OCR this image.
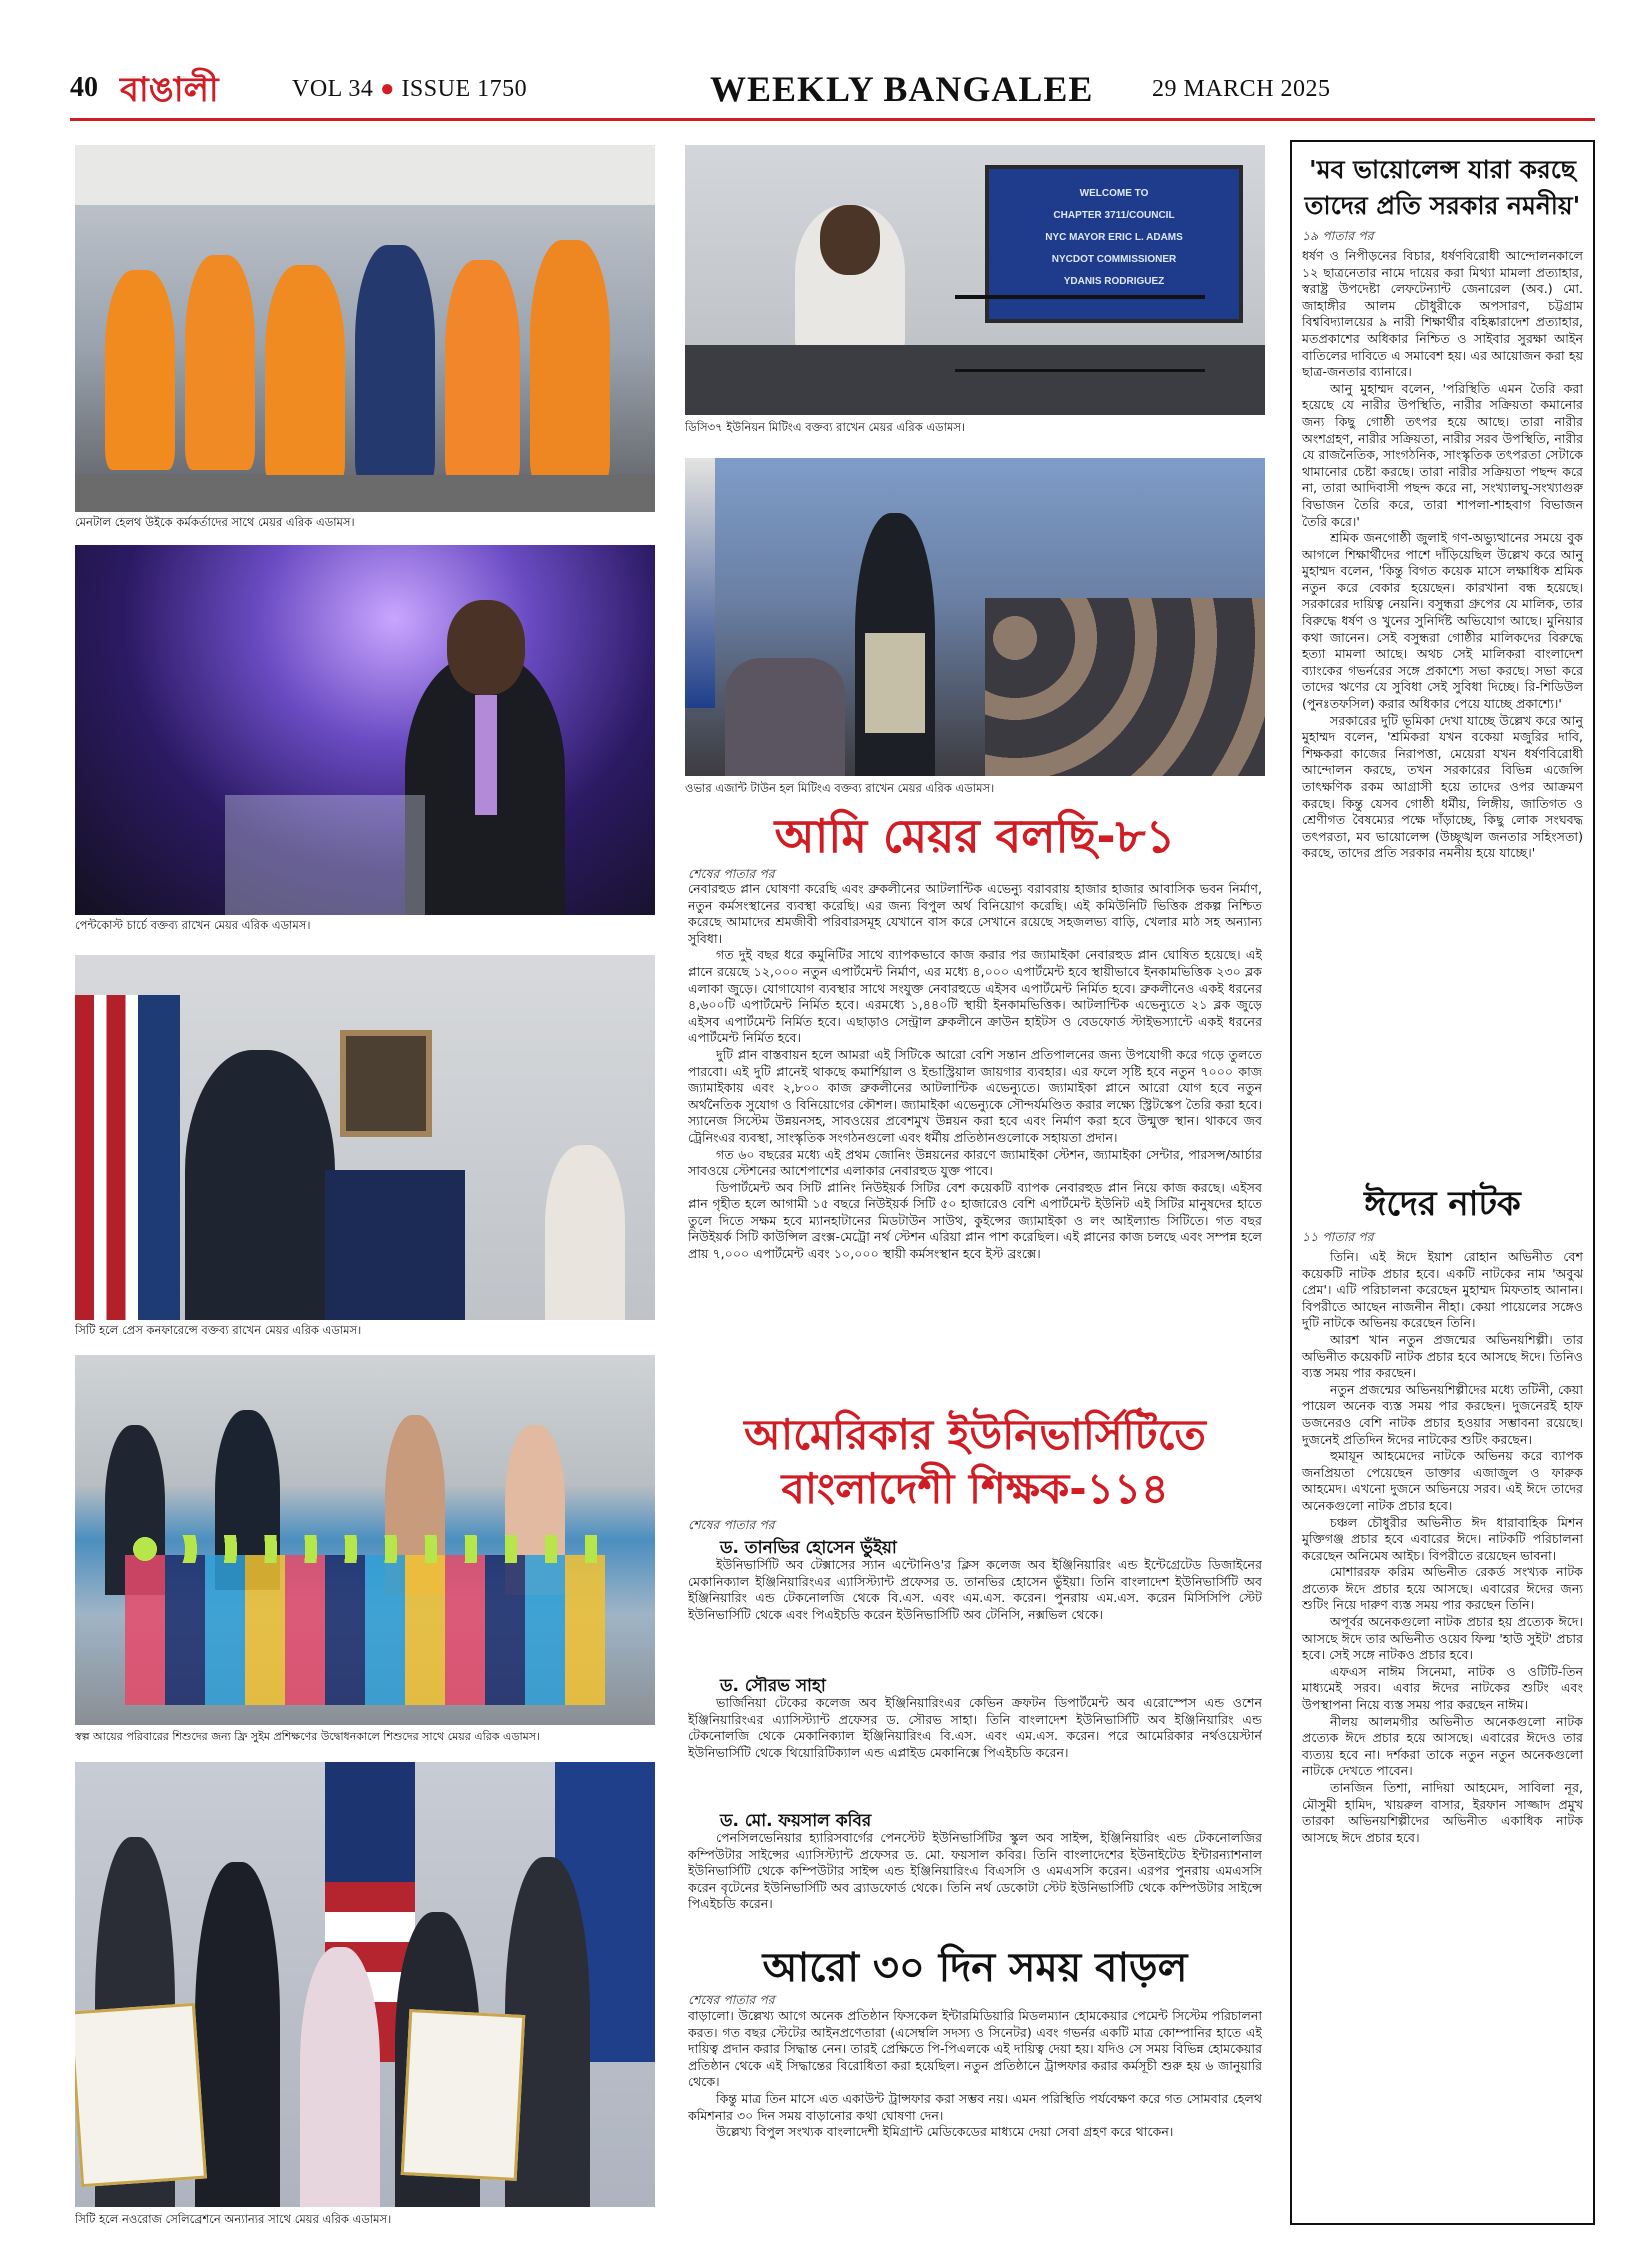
40 বাঙালী	VOL 34 ● ISSUE 1750	WEEKLY BANGALEE 29 MARCH 2025
মেনটাল হেলথ উইকে কর্মকর্তাদের সাথে মেয়র এরিক এডামস।
পেন্টকোস্ট চার্চে বক্তব্য রাখেন মেয়র এরিক এডামস।
সিটি হলে প্রেস কনফারেন্সে বক্তব্য রাখেন মেয়র এরিক এডামস।
স্বল্প আয়ের পরিবারের শিশুদের জন্য ফ্রি সুইম প্রশিক্ষণের উদ্বোধনকালে শিশুদের সাথে মেয়র এরিক এডামস।
সিটি হলে নওরোজ সেলিব্রেশনে অন্যান্যর সাথে মেয়র এরিক এডামস।
WELCOME TO
CHAPTER 3711/COUNCIL
NYC MAYOR ERIC L. ADAMS
NYCDOT COMMISSIONER
YDANIS RODRIGUEZ
ডিসি৩৭ ইউনিয়ন মিটিংএ বক্তব্য রাখেন মেয়র এরিক এডামস।
ওভার এজান্ট টাউন হল মিটিংএ বক্তব্য রাখেন মেয়র এরিক এডামস।
আমি মেয়র বলছি-৮১
শেষের পাতার পর

নেবারহুড প্লান ঘোষণা করেছি এবং ব্রুকলীনের আটলান্টিক এভেন্যু বরাবরায় হাজার হাজার আবাসিক ভবন নির্মাণ, নতুন কর্মসংস্থানের ব্যবস্থা করেছি। এর জন্য বিপুল অর্থ বিনিয়োগ করেছি। এই কমিউনিটি ভিত্তিক প্রকল্প নিশ্চিত করেছে আমাদের শ্রমজীবী পরিবারসমূহ যেখানে বাস করে সেখানে রয়েছে সহজলভ্য বাড়ি, খেলার মাঠ সহ অন্যান্য সুবিধা।

গত দুই বছর ধরে কমুনিটির সাথে ব্যাপকভাবে কাজ করার পর জ্যামাইকা নেবারহুড প্লান ঘোষিত হয়েছে। এই প্লানে রয়েছে ১২,০০০ নতুন এপার্টমেন্ট নির্মাণ, এর মধ্যে ৪,০০০ এপার্টমেন্ট হবে স্থায়ীভাবে ইনকামভিত্তিক ২৩০ ব্লক এলাকা জুড়ে। যোগাযোগ ব্যবস্থার সাথে সংযুক্ত নেবারহুডে এইসব এপার্টমেন্ট নির্মিত হবে। ব্রুকলীনেও একই ধরনের ৪,৬০০টি এপার্টমেন্ট নির্মিত হবে। এরমধ্যে ১,৪৪০টি স্থায়ী ইনকামভিত্তিক। আটলান্টিক এভেন্যুতে ২১ ব্লক জুড়ে এইসব এপার্টমেন্ট নির্মিত হবে। এছাড়াও সেন্ট্রাল ব্রুকলীনে ক্রাউন হাইটস ও বেডফোর্ড স্টাইভস্যান্টে একই ধরনের এপার্টমেন্ট নির্মিত হবে।

দুটি প্লান বাস্তবায়ন হলে আমরা এই সিটিকে আরো বেশি সন্তান প্রতিপালনের জন্য উপযোগী করে গড়ে তুলতে পারবো। এই দুটি প্লানেই থাকছে কমার্শিয়াল ও ইন্ডাস্ট্রিয়াল জায়গার ব্যবহার। এর ফলে সৃষ্টি হবে নতুন ৭০০০ কাজ জ্যামাইকায় এবং ২,৮০০ কাজ ব্রুকলীনের আটলান্টিক এভেন্যুতে। জ্যামাইকা প্লানে আরো যোগ হবে নতুন অর্থনৈতিক সুযোগ ও বিনিয়োগের কৌশল। জ্যামাইকা এভেন্যুকে সৌন্দর্যমণ্ডিত করার লক্ষ্যে স্ট্রিটস্কেপ তৈরি করা হবে। স্যানেজ সিস্টেম উন্নয়নসহ, সাবওয়ের প্রবেশমুখ উন্নয়ন করা হবে এবং নির্মাণ করা হবে উন্মুক্ত স্থান। থাকবে জব ট্রেনিংএর ব্যবস্থা, সাংস্কৃতিক সংগঠনগুলো এবং ধর্মীয় প্রতিষ্ঠানগুলোকে সহায়তা প্রদান।

গত ৬০ বছরের মধ্যে এই প্রথম জোনিং উন্নয়নের কারণে জ্যামাইকা স্টেশন, জ্যামাইকা সেন্টার, পারসন্স/আর্চার সাবওয়ে স্টেশনের আশেপাশের এলাকার নেবারহুড যুক্ত পাবে।

ডিপার্টমেন্ট অব সিটি প্লানিং নিউইয়র্ক সিটির বেশ কয়েকটি ব্যাপক নেবারহুড প্লান নিয়ে কাজ করছে। এইসব প্লান গৃহীত হলে আগামী ১৫ বছরে নিউইয়র্ক সিটি ৫০ হাজারেও বেশি এপার্টমেন্ট ইউনিট এই সিটির মানুষদের হাতে তুলে দিতে সক্ষম হবে ম্যানহাটানের মিডটাউন সাউথ, কুইন্সের জ্যামাইকা ও লং আইল্যান্ড সিটিতে। গত বছর নিউইয়র্ক সিটি কাউন্সিল ব্রংক্স-মেট্রো নর্থ স্টেশন এরিয়া প্লান পাশ করেছিল। এই প্লানের কাজ চলছে এবং সম্পন্ন হলে প্রায় ৭,০০০ এপার্টমেন্ট এবং ১০,০০০ স্থায়ী কর্মসংস্থান হবে ইস্ট ব্রংক্সে।

আমেরিকার ইউনিভার্সিটিতে
বাংলাদেশী শিক্ষক-১১৪
শেষের পাতার পর
ড. তানভির হোসেন ভুঁইয়া

ইউনিভার্সিটি অব টেক্সাসের স্যান এন্টোনিও'র ক্লিস কলেজ অব ইঞ্জিনিয়ারিং এন্ড ইন্টেগ্রেটেড ডিজাইনের মেকানিক্যাল ইঞ্জিনিয়ারিংএর এ্যাসিস্ট্যান্ট প্রফেসর ড. তানভির হোসেন ভুঁইয়া। তিনি বাংলাদেশ ইউনিভার্সিটি অব ইঞ্জিনিয়ারিং এন্ড টেকনোলজি থেকে বি.এস. এবং এম.এস. করেন। পুনরায় এম.এস. করেন মিসিসিপি স্টেট ইউনিভার্সিটি থেকে এবং পিএইচডি করেন ইউনিভার্সিটি অব টেনিসি, নক্সভিল থেকে।

ড. সৌরভ সাহা

ভার্জিনিয়া টেকের কলেজ অব ইঞ্জিনিয়ারিংএর কেভিন ক্রফটন ডিপার্টমেন্ট অব এরোস্পেস এন্ড ওশেন ইঞ্জিনিয়ারিংএর এ্যাসিস্ট্যান্ট প্রফেসর ড. সৌরভ সাহা। তিনি বাংলাদেশ ইউনিভার্সিটি অব ইঞ্জিনিয়ারিং এন্ড টেকনোলজি থেকে মেকানিক্যাল ইঞ্জিনিয়ারিংএ বি.এস. এবং এম.এস. করেন। পরে আমেরিকার নর্থওয়েস্টার্ন ইউনিভার্সিটি থেকে থিয়োরিটিক্যাল এন্ড এপ্লাইড মেকানিক্সে পিএইচডি করেন।

ড. মো. ফয়সাল কবির

পেনসিলভেনিয়ার হ্যারিসবার্গের পেনস্টেট ইউনিভার্সিটির স্কুল অব সাইন্স, ইঞ্জিনিয়ারিং এন্ড টেকনোলজির কম্পিউটার সাইন্সের এ্যাসিস্ট্যান্ট প্রফেসর ড. মো. ফয়সাল কবির। তিনি বাংলাদেশের ইউনাইটেড ইন্টারন্যাশনাল ইউনিভার্সিটি থেকে কম্পিউটার সাইন্স এন্ড ইঞ্জিনিয়ারিংএ বিএসসি ও এমএসসি করেন। এরপর পুনরায় এমএসসি করেন বৃটেনের ইউনিভার্সিটি অব ব্র্যাডফোর্ড থেকে। তিনি নর্থ ডেকোটা স্টেট ইউনিভার্সিটি থেকে কম্পিউটার সাইন্সে পিএইচডি করেন।

আরো ৩০ দিন সময় বাড়ল
শেষের পাতার পর

বাড়ালো। উল্লেখ্য আগে অনেক প্রতিষ্ঠান ফিসকেল ইন্টারমিডিয়ারি মিডলম্যান হোমকেয়ার পেমেন্ট সিস্টেম পরিচালনা করত। গত বছর স্টেটের আইনপ্রণেতারা (এসেম্বলি সদস্য ও সিনেটর) এবং গভর্নর একটি মাত্র কোম্পানির হাতে এই দায়িত্ব প্রদান করার সিদ্ধান্ত নেন। তারই প্রেক্ষিতে পি-পিএলকে এই দায়িত্ব দেয়া হয়। যদিও সে সময় বিভিন্ন হোমকেয়ার প্রতিষ্ঠান থেকে এই সিদ্ধান্তের বিরোধিতা করা হয়েছিল। নতুন প্রতিষ্ঠানে ট্রান্সফার করার কর্মসূচী শুরু হয় ৬ জানুয়ারি থেকে।

কিন্তু মাত্র তিন মাসে এত একাউন্ট ট্রান্সফার করা সম্ভব নয়। এমন পরিস্থিতি পর্যবেক্ষণ করে গত সোমবার হেলথ কমিশনার ৩০ দিন সময় বাড়ানোর কথা ঘোষণা দেন।

উল্লেখ্য বিপুল সংখ্যক বাংলাদেশী ইমিগ্রান্ট মেডিকেডের মাধ্যমে দেয়া সেবা গ্রহণ করে থাকেন।

'মব ভায়োলেন্স যারা করছে তাদের প্রতি সরকার নমনীয়'
১৯ পাতার পর

ধর্ষণ ও নিপীড়নের বিচার, ধর্ষণবিরোধী আন্দোলনকালে ১২ ছাত্রনেতার নামে দায়ের করা মিথ্যা মামলা প্রত্যাহার, স্বরাষ্ট্র উপদেষ্টা লেফটেন্যান্ট জেনারেল (অব.) মো. জাহাঙ্গীর আলম চৌধুরীকে অপসারণ, চট্টগ্রাম বিশ্ববিদ্যালয়ের ৯ নারী শিক্ষার্থীর বহিষ্কারাদেশ প্রত্যাহার, মতপ্রকাশের অধিকার নিশ্চিত ও সাইবার সুরক্ষা আইন বাতিলের দাবিতে এ সমাবেশ হয়। এর আয়োজন করা হয় ছাত্র-জনতার ব্যানারে।

আনু মুহাম্মদ বলেন, 'পরিস্থিতি এমন তৈরি করা হয়েছে যে নারীর উপস্থিতি, নারীর সক্রিয়তা কমানোর জন্য কিছু গোষ্ঠী তৎপর হয়ে আছে। তারা নারীর অংশগ্রহণ, নারীর সক্রিয়তা, নারীর সরব উপস্থিতি, নারীর যে রাজনৈতিক, সাংগঠনিক, সাংস্কৃতিক তৎপরতা সেটাকে থামানোর চেষ্টা করছে। তারা নারীর সক্রিয়তা পছন্দ করে না, তারা আদিবাসী পছন্দ করে না, সংখ্যালঘু-সংখ্যাগুরু বিভাজন তৈরি করে, তারা শাপলা-শাহবাগ বিভাজন তৈরি করে।'

শ্রমিক জনগোষ্ঠী জুলাই গণ-অভ্যুত্থানের সময়ে বুক আগলে শিক্ষার্থীদের পাশে দাঁড়িয়েছিল উল্লেখ করে আনু মুহাম্মদ বলেন, 'কিন্তু বিগত কয়েক মাসে লক্ষাধিক শ্রমিক নতুন করে বেকার হয়েছেন। কারখানা বন্ধ হয়েছে। সরকারের দায়িত্ব নেয়নি। বসুন্ধরা গ্রুপের যে মালিক, তার বিরুদ্ধে ধর্ষণ ও খুনের সুনির্দিষ্ট অভিযোগ আছে। মুনিয়ার কথা জানেন। সেই বসুন্ধরা গোষ্ঠীর মালিকদের বিরুদ্ধে হত্যা মামলা আছে। অথচ সেই মালিকরা বাংলাদেশ ব্যাংকের গভর্নরের সঙ্গে প্রকাশ্যে সভা করছে। সভা করে তাদের ঋণের যে সুবিধা সেই সুবিধা দিচ্ছে। রি-শিডিউল (পুনঃতফসিল) করার অধিকার পেয়ে যাচ্ছে প্রকাশ্যে।'

সরকারের দুটি ভূমিকা দেখা যাচ্ছে উল্লেখ করে আনু মুহাম্মদ বলেন, 'শ্রমিকরা যখন বকেয়া মজুরির দাবি, শিক্ষকরা কাজের নিরাপত্তা, মেয়েরা যখন ধর্ষণবিরোধী আন্দোলন করছে, তখন সরকারের বিভিন্ন এজেন্সি তাৎক্ষণিক রকম আগ্রাসী হয়ে তাদের ওপর আক্রমণ করছে। কিন্তু যেসব গোষ্ঠী ধর্মীয়, লিঙ্গীয়, জাতিগত ও শ্রেণীগত বৈষম্যের পক্ষে দাঁড়াচ্ছে, কিছু লোক সংঘবদ্ধ তৎপরতা, মব ভায়োলেন্স (উচ্ছৃঙ্খল জনতার সহিংসতা) করছে, তাদের প্রতি সরকার নমনীয় হয়ে যাচ্ছে।'

ঈদের নাটক
১১ পাতার পর

তিনি। এই ঈদে ইয়াশ রোহান অভিনীত বেশ কয়েকটি নাটক প্রচার হবে। একটি নাটকের নাম 'অবুঝ প্রেম'। এটি পরিচালনা করেছেন মুহাম্মদ মিফতাহ আনান। বিপরীতে আছেন নাজনীন নীহা। কেয়া পায়েলের সঙ্গেও দুটি নাটকে অভিনয় করেছেন তিনি।

আরশ খান নতুন প্রজন্মের অভিনয়শিল্পী। তার অভিনীত কয়েকটি নাটক প্রচার হবে আসছে ঈদে। তিনিও ব্যস্ত সময় পার করছেন।

নতুন প্রজন্মের অভিনয়শিল্পীদের মধ্যে তটিনী, কেয়া পায়েল অনেক ব্যস্ত সময় পার করছেন। দুজনেরই হাফ ডজনেরও বেশি নাটক প্রচার হওয়ার সম্ভাবনা রয়েছে। দুজনেই প্রতিদিন ঈদের নাটকের শুটিং করছেন।

হুমায়ূন আহমেদের নাটকে অভিনয় করে ব্যাপক জনপ্রিয়তা পেয়েছেন ডাক্তার এজাজুল ও ফারুক আহমেদ। এখনো দুজনে অভিনয়ে সরব। এই ঈদে তাদের অনেকগুলো নাটক প্রচার হবে।

চঞ্চল চৌধুরীর অভিনীত ঈদ ধারাবাহিক মিশন মুক্তিগঞ্জ প্রচার হবে এবারের ঈদে। নাটকটি পরিচালনা করেছেন অনিমেষ আইচ। বিপরীতে রয়েছেন ভাবনা।

মোশাররফ করিম অভিনীত রেকর্ড সংখ্যক নাটক প্রত্যেক ঈদে প্রচার হয়ে আসছে। এবারের ঈদের জন্য শুটিং নিয়ে দারুণ ব্যস্ত সময় পার করছেন তিনি।

অপূর্বর অনেকগুলো নাটক প্রচার হয় প্রত্যেক ঈদে। আসছে ঈদে তার অভিনীত ওয়েব ফিল্ম 'হাউ সুইট' প্রচার হবে। সেই সঙ্গে নাটকও প্রচার হবে।

এফএস নাঈম সিনেমা, নাটক ও ওটিটি-তিন মাধ্যমেই সরব। এবার ঈদের নাটকের শুটিং এবং উপস্থাপনা নিয়ে ব্যস্ত সময় পার করছেন নাঈম।

নীলয় আলমগীর অভিনীত অনেকগুলো নাটক প্রত্যেক ঈদে প্রচার হয়ে আসছে। এবারের ঈদেও তার ব্যত্যয় হবে না। দর্শকরা তাকে নতুন নতুন অনেকগুলো নাটকে দেখতে পাবেন।

তানজিন তিশা, নাদিয়া আহমেদ, সাবিলা নূর, মৌসুমী হামিদ, খায়রুল বাসার, ইরফান সাজ্জাদ প্রমুখ তারকা অভিনয়শিল্পীদের অভিনীত একাধিক নাটক আসছে ঈদে প্রচার হবে।
